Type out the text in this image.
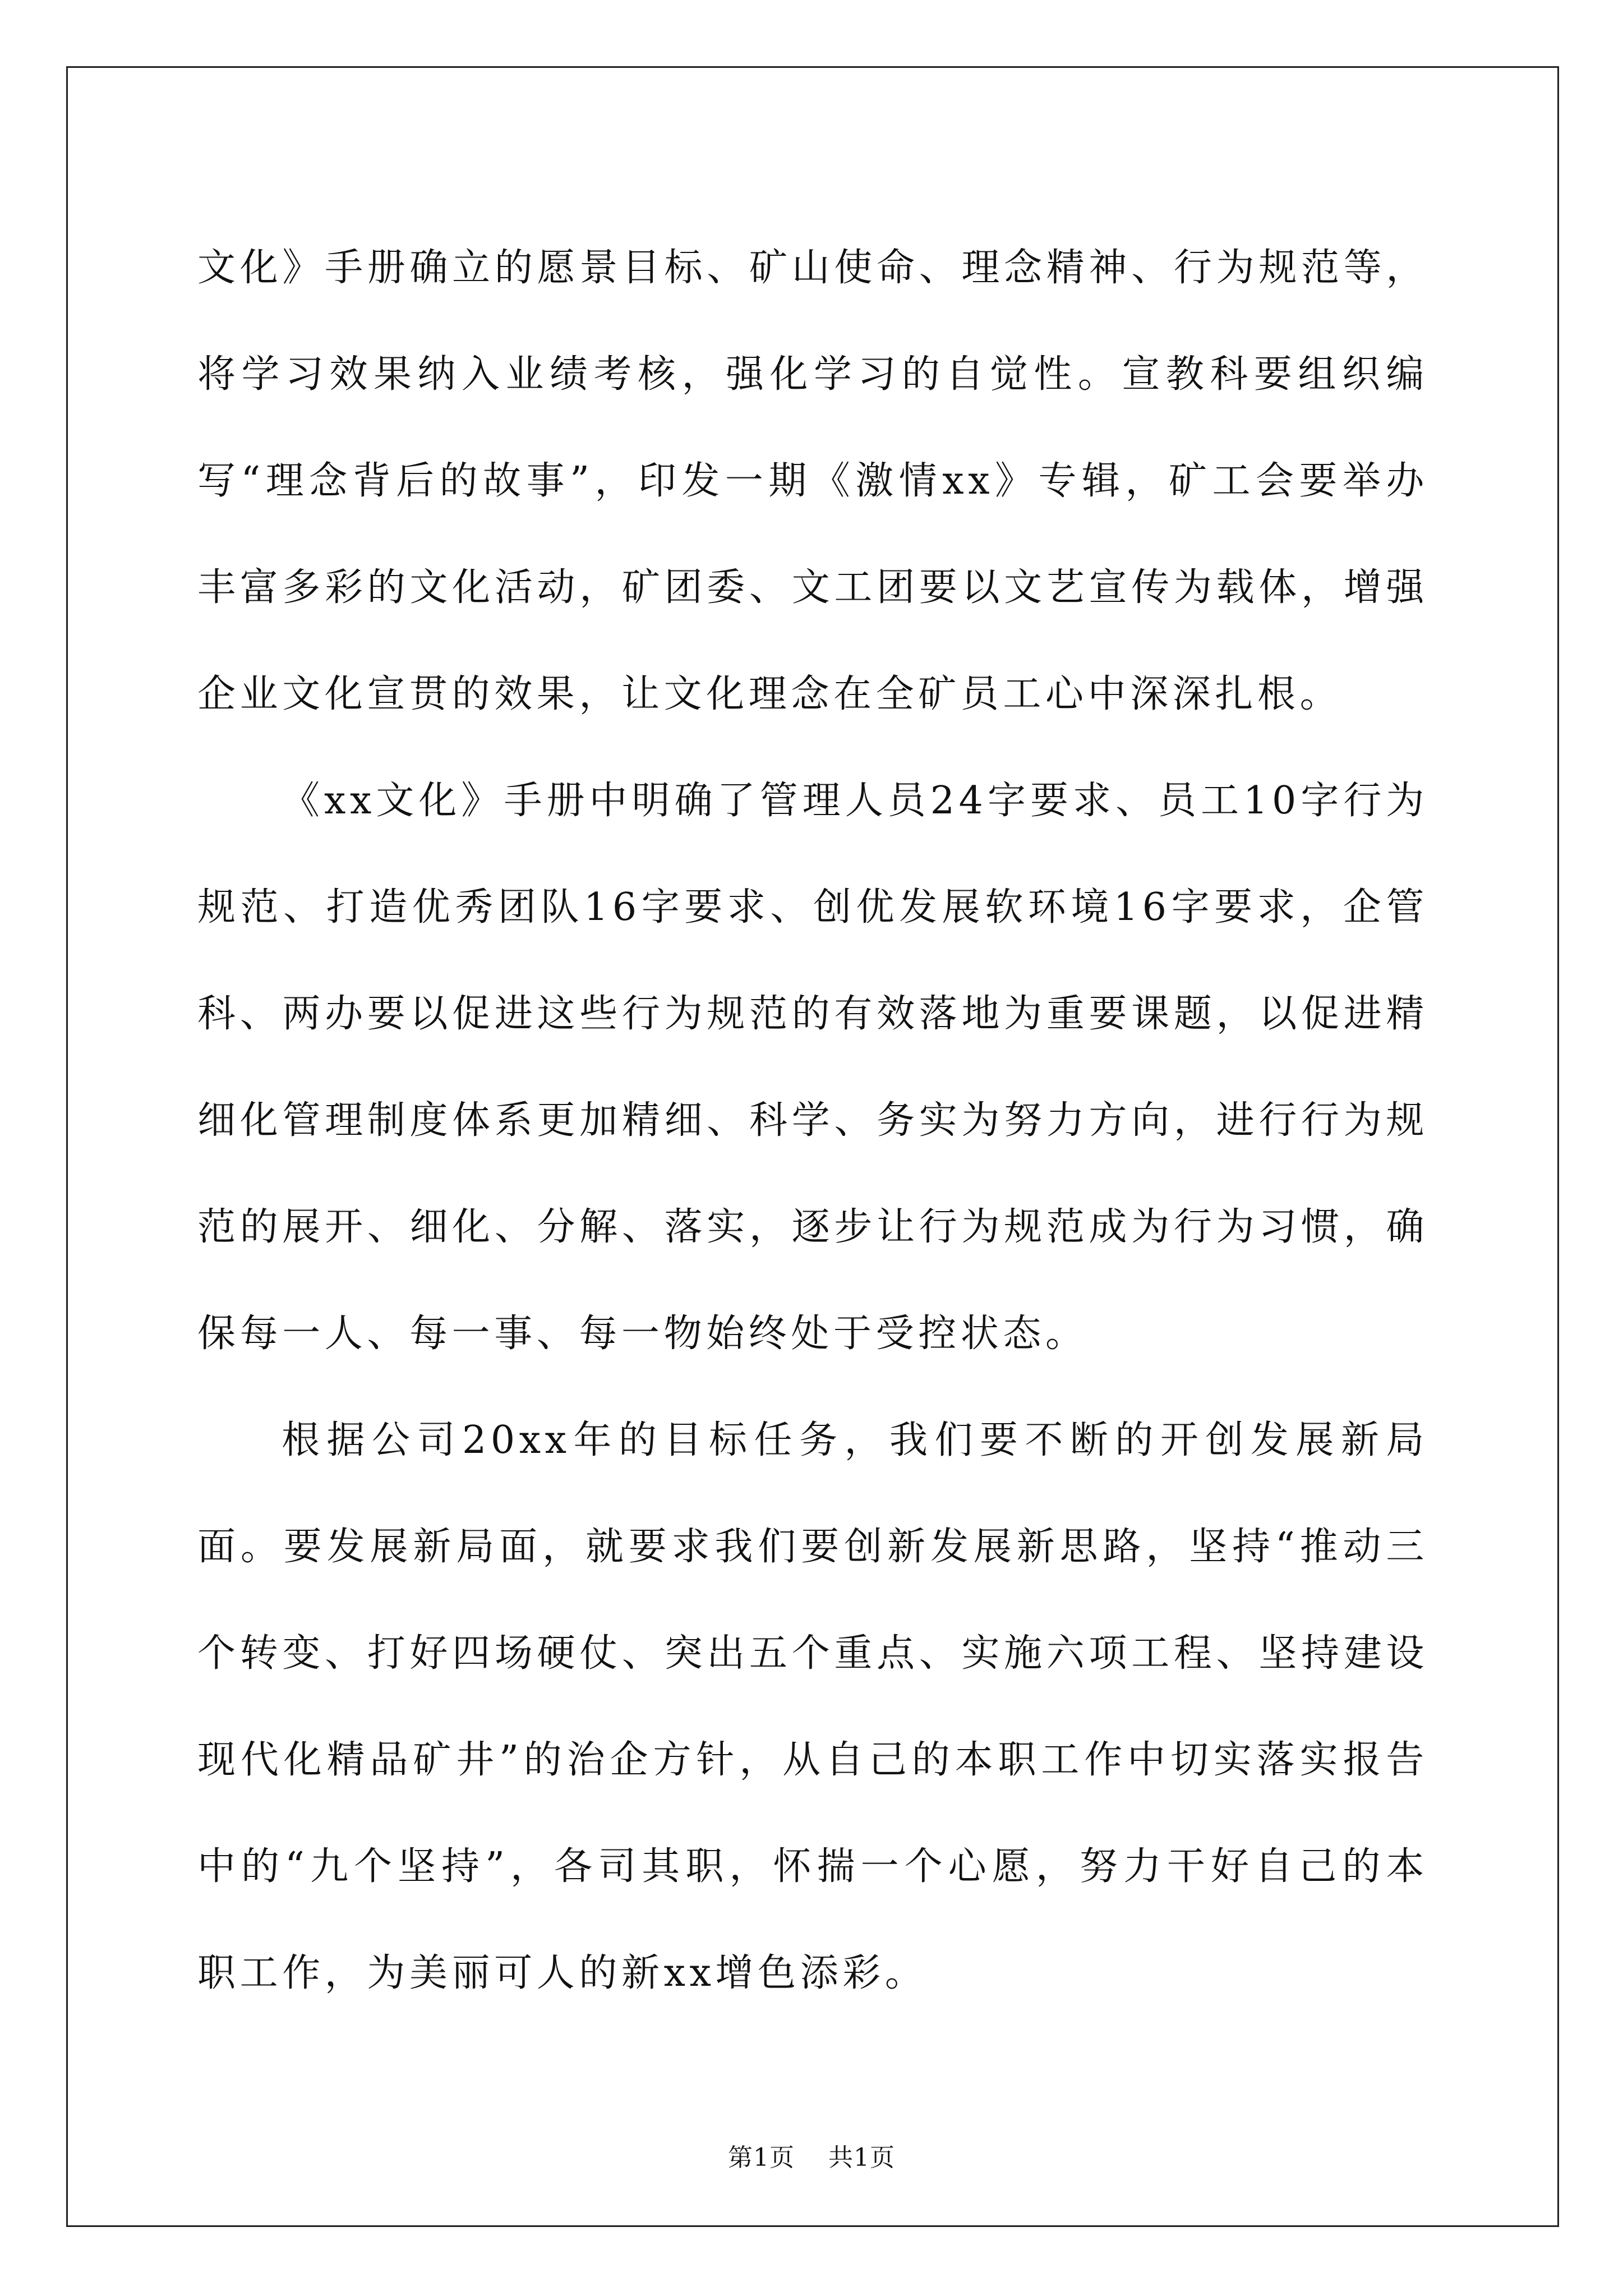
文化》手册确立的愿景目标、矿山使命、理念精神、行为规范等，将学习效果纳入业绩考核，强化学习的自觉性。宣教科要组织编写“理念背后的故事”，印发一期《激情xx》专辑，矿工会要举办丰富多彩的文化活动，矿团委、文工团要以文艺宣传为载体，增强企业文化宣贯的效果，让文化理念在全矿员工心中深深扎根。

《xx文化》手册中明确了管理人员24字要求、员工10字行为规范、打造优秀团队16字要求、创优发展软环境16字要求，企管科、两办要以促进这些行为规范的有效落地为重要课题，以促进精细化管理制度体系更加精细、科学、务实为努力方向，进行行为规范的展开、细化、分解、落实，逐步让行为规范成为行为习惯，确保每一人、每一事、每一物始终处于受控状态。

根据公司20xx年的目标任务，我们要不断的开创发展新局面。要发展新局面，就要求我们要创新发展新思路，坚持“推动三个转变、打好四场硬仗、突出五个重点、实施六项工程、坚持建设现代化精品矿井”的治企方针，从自己的本职工作中切实落实报告中的“九个坚持”，各司其职，怀揣一个心愿，努力干好自己的本职工作，为美丽可人的新xx增色添彩。

第1页 共1页
